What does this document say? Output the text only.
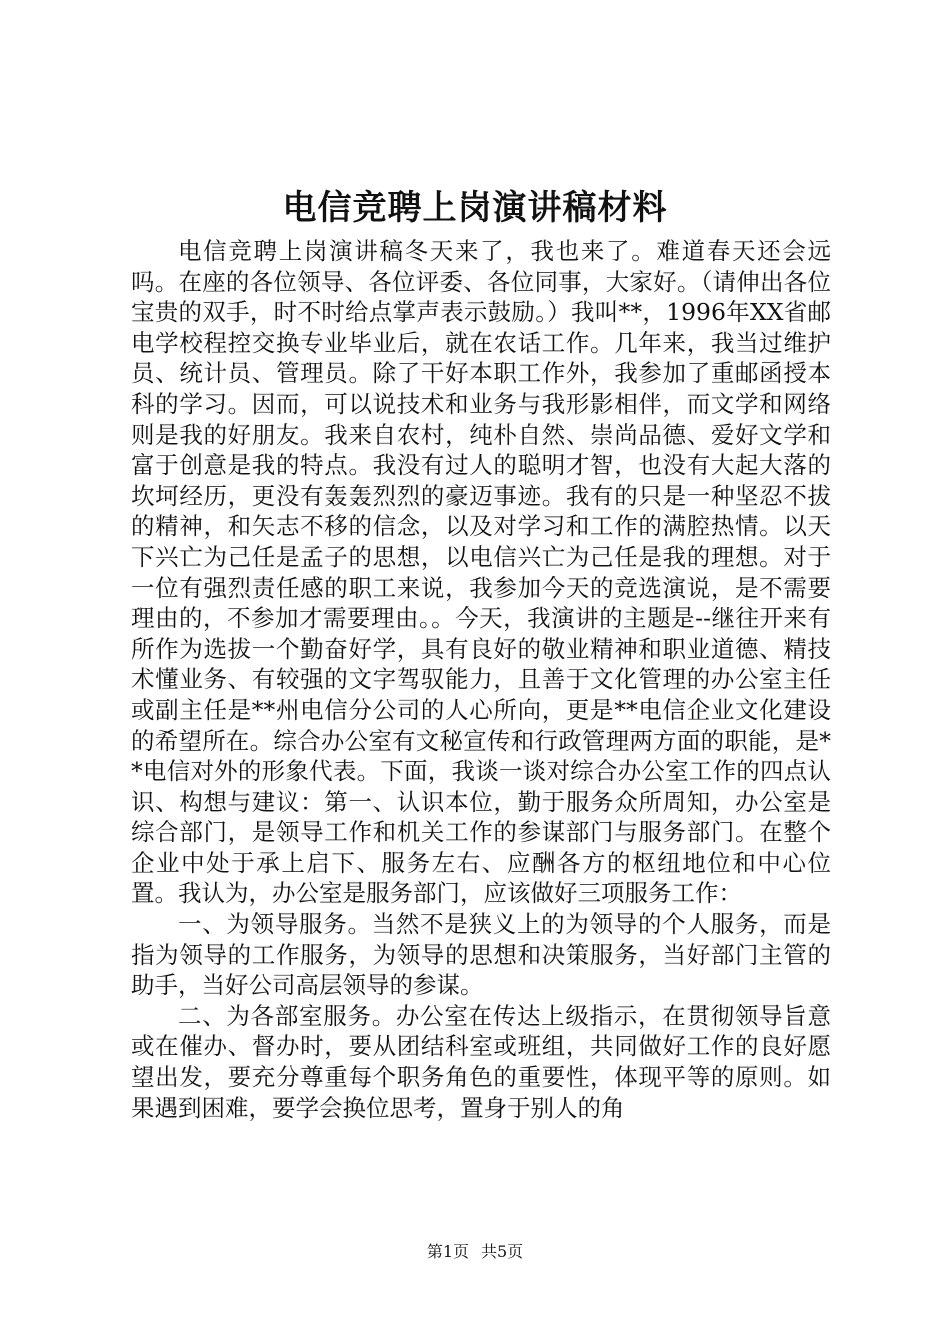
电信竞聘上岗演讲稿材料

电信竞聘上岗演讲稿冬天来了，我也来了。难道春天还会远吗。在座的各位领导、各位评委、各位同事，大家好。（请伸出各位宝贵的双手，时不时给点掌声表示鼓励。）我叫**，1996年XX省邮电学校程控交换专业毕业后，就在农话工作。几年来，我当过维护员、统计员、管理员。除了干好本职工作外，我参加了重邮函授本科的学习。因而，可以说技术和业务与我形影相伴，而文学和网络则是我的好朋友。我来自农村，纯朴自然、崇尚品德、爱好文学和富于创意是我的特点。我没有过人的聪明才智，也没有大起大落的坎坷经历，更没有轰轰烈烈的豪迈事迹。我有的只是一种坚忍不拔的精神，和矢志不移的信念，以及对学习和工作的满腔热情。以天下兴亡为己任是孟子的思想，以电信兴亡为己任是我的理想。对于一位有强烈责任感的职工来说，我参加今天的竞选演说，是不需要理由的，不参加才需要理由。。今天，我演讲的主题是--继往开来有所作为选拔一个勤奋好学，具有良好的敬业精神和职业道德、精技术懂业务、有较强的文字驾驭能力，且善于文化管理的办公室主任或副主任是**州电信分公司的人心所向，更是**电信企业文化建设的希望所在。综合办公室有文秘宣传和行政管理两方面的职能，是**电信对外的形象代表。下面，我谈一谈对综合办公室工作的四点认识、构想与建议：第一、认识本位，勤于服务众所周知，办公室是综合部门，是领导工作和机关工作的参谋部门与服务部门。在整个企业中处于承上启下、服务左右、应酬各方的枢纽地位和中心位置。我认为，办公室是服务部门，应该做好三项服务工作：

一、为领导服务。当然不是狭义上的为领导的个人服务，而是指为领导的工作服务，为领导的思想和决策服务，当好部门主管的助手，当好公司高层领导的参谋。

二、为各部室服务。办公室在传达上级指示，在贯彻领导旨意或在催办、督办时，要从团结科室或班组，共同做好工作的良好愿望出发，要充分尊重每个职务角色的重要性，体现平等的原则。如果遇到困难，要学会换位思考，置身于别人的角

第1页 共5页
